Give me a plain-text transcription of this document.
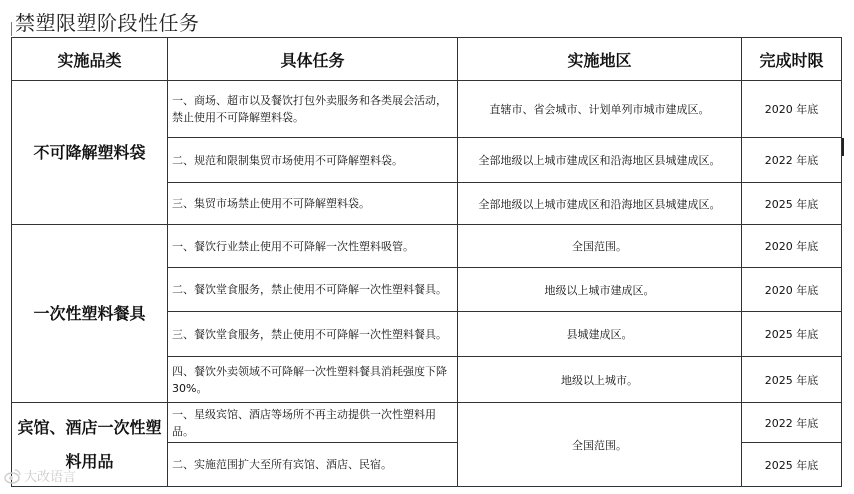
禁塑限塑阶段性任务
实施品类	具体任务	实施地区	完成时限
不可降解塑料袋	一、商场、超市以及餐饮打包外卖服务和各类展会活动，禁止使用不可降解塑料袋。	直辖市、省会城市、计划单列市城市建成区。	2020 年底
	二、规范和限制集贸市场使用不可降解塑料袋。	全部地级以上城市建成区和沿海地区县城建成区。	2022 年底
	三、集贸市场禁止使用不可降解塑料袋。	全部地级以上城市建成区和沿海地区县城建成区。	2025 年底
一次性塑料餐具	一、餐饮行业禁止使用不可降解一次性塑料吸管。	全国范围。	2020 年底
	二、餐饮堂食服务，禁止使用不可降解一次性塑料餐具。	地级以上城市建成区。	2020 年底
	三、餐饮堂食服务，禁止使用不可降解一次性塑料餐具。	县城建成区。	2025 年底
	四、餐饮外卖领域不可降解一次性塑料餐具消耗强度下降 30%。	地级以上城市。	2025 年底
宾馆、酒店一次性塑料用品	一、星级宾馆、酒店等场所不再主动提供一次性塑料用品。	全国范围。	2022 年底
	二、实施范围扩大至所有宾馆、酒店、民宿。		2025 年底
大改语言
